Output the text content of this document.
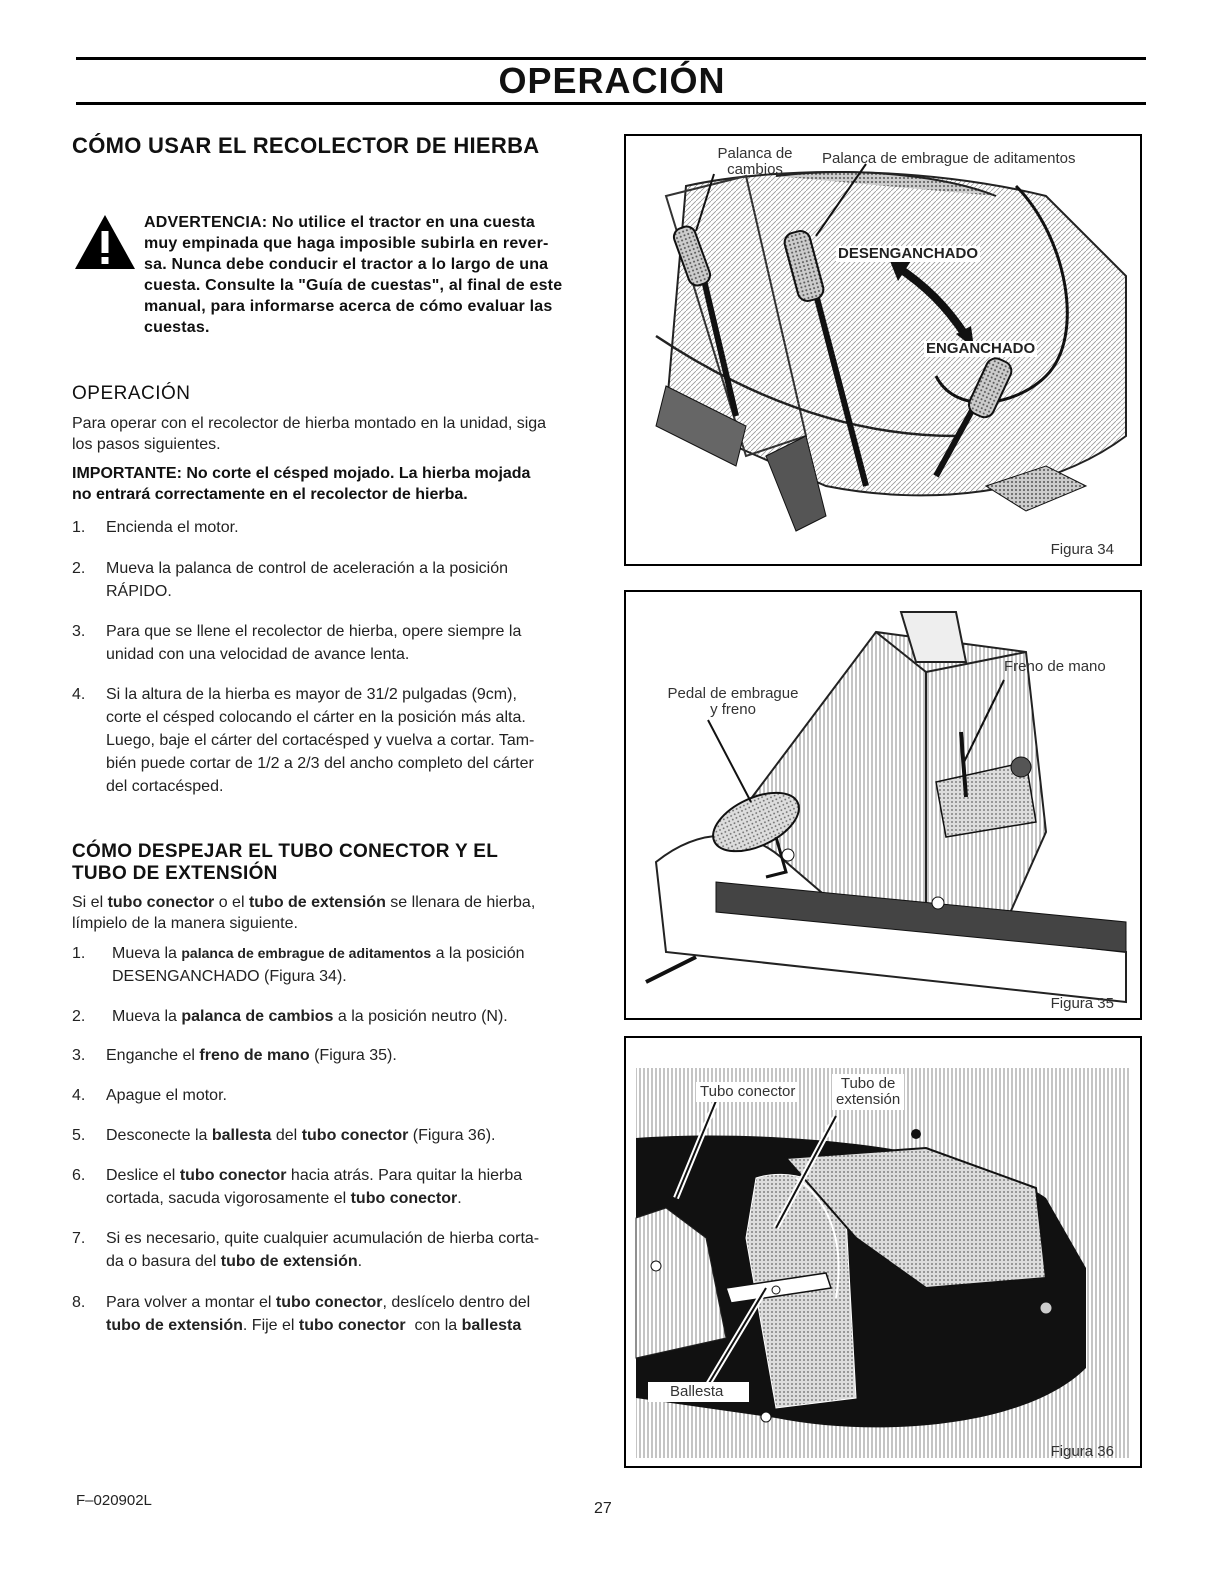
OPERACIÓN
CÓMO USAR EL RECOLECTOR DE HIERBA
ADVERTENCIA: No utilice el tractor en una cuesta
muy empinada que haga imposible subirla en rever-
sa. Nunca debe conducir el tractor a lo largo de una
cuesta. Consulte la "Guía de cuestas", al final de este
manual, para informarse acerca de cómo evaluar las
cuestas.
OPERACIÓN
Para operar con el recolector de hierba montado en la unidad, siga
los pasos siguientes.
IMPORTANTE: No corte el césped mojado. La hierba mojada
no entrará correctamente en el recolector de hierba.
1. Encienda el motor.
2. Mueva la palanca de control de aceleración a la posición
RÁPIDO.
3. Para que se llene el recolector de hierba, opere siempre la
unidad con una velocidad de avance lenta.
4. Si la altura de la hierba es mayor de 31/2 pulgadas (9cm),
corte el césped colocando el cárter en la posición más alta.
Luego, baje el cárter del cortacésped y vuelva a cortar. Tam-
bién puede cortar de 1/2 a 2/3 del ancho completo del cárter
del cortacésped.
CÓMO DESPEJAR EL TUBO CONECTOR Y EL
TUBO DE EXTENSIÓN
Si el tubo conector o el tubo de extensión se llenara de hierba,
límpielo de la manera siguiente.
1. Mueva la palanca de embrague de aditamentos a la posición
DESENGANCHADO (Figura 34).
2. Mueva la palanca de cambios a la posición neutro (N).
3. Enganche el freno de mano (Figura 35).
4. Apague el motor.
5. Desconecte la ballesta del tubo conector (Figura 36).
6. Deslice el tubo conector hacia atrás. Para quitar la hierba
cortada, sacuda vigorosamente el tubo conector.
7. Si es necesario, quite cualquier acumulación de hierba corta-
da o basura del tubo de extensión.
8. Para volver a montar el tubo conector, deslícelo dentro del
tubo de extensión. Fije el tubo conector  con la ballesta
Palanca de
cambios
Palanca de embrague de aditamentos
DESENGANCHADO
ENGANCHADO
Figura 34
Pedal de embrague
y freno
Freno de mano
Figura 35
Tubo conector	Tubo de
extensión
Ballesta
Figura 36
F–020902L	27
